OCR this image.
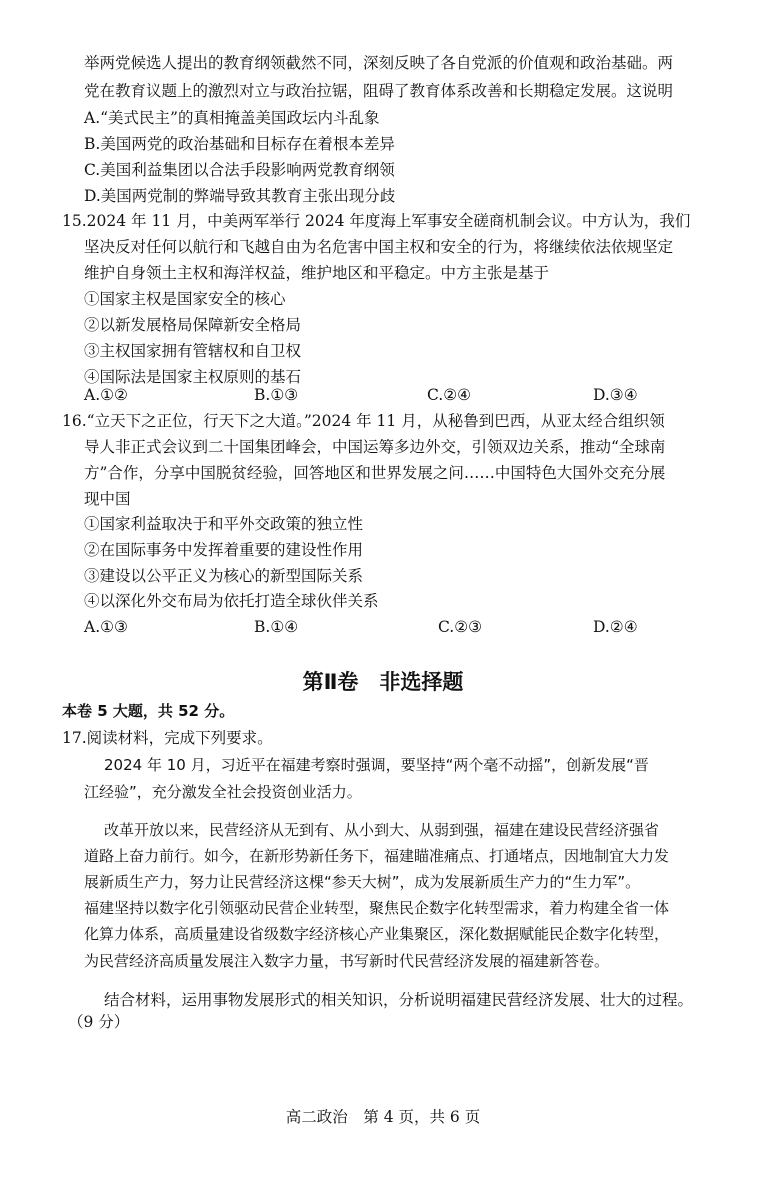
举两党候选人提出的教育纲领截然不同，深刻反映了各自党派的价值观和政治基础。两
党在教育议题上的激烈对立与政治拉锯，阻碍了教育体系改善和长期稳定发展。这说明
A.“美式民主”的真相掩盖美国政坛内斗乱象
B.美国两党的政治基础和目标存在着根本差异
C.美国利益集团以合法手段影响两党教育纲领
D.美国两党制的弊端导致其教育主张出现分歧
15.2024 年 11 月，中美两军举行 2024 年度海上军事安全磋商机制会议。中方认为，我们
坚决反对任何以航行和飞越自由为名危害中国主权和安全的行为，将继续依法依规坚定
维护自身领土主权和海洋权益，维护地区和平稳定。中方主张是基于
①国家主权是国家安全的核心
②以新发展格局保障新安全格局
③主权国家拥有管辖权和自卫权
④国际法是国家主权原则的基石
A.①②	B.①③	C.②④	D.③④
16.“立天下之正位，行天下之大道。”2024 年 11 月，从秘鲁到巴西，从亚太经合组织领
导人非正式会议到二十国集团峰会，中国运筹多边外交，引领双边关系，推动“全球南
方”合作，分享中国脱贫经验，回答地区和世界发展之问……中国特色大国外交充分展
现中国
①国家利益取决于和平外交政策的独立性
②在国际事务中发挥着重要的建设性作用
③建设以公平正义为核心的新型国际关系
④以深化外交布局为依托打造全球伙伴关系
A.①③	B.①④	C.②③	D.②④
第Ⅱ卷　非选择题
本卷 5 大题，共 52 分。
17.阅读材料，完成下列要求。
2024 年 10 月，习近平在福建考察时强调，要坚持“两个毫不动摇”，创新发展“晋
江经验”，充分激发全社会投资创业活力。
改革开放以来，民营经济从无到有、从小到大、从弱到强，福建在建设民营经济强省
道路上奋力前行。如今，在新形势新任务下，福建瞄准痛点、打通堵点，因地制宜大力发
展新质生产力，努力让民营经济这棵“参天大树”，成为发展新质生产力的“生力军”。
福建坚持以数字化引领驱动民营企业转型，聚焦民企数字化转型需求，着力构建全省一体
化算力体系，高质量建设省级数字经济核心产业集聚区，深化数据赋能民企数字化转型，
为民营经济高质量发展注入数字力量，书写新时代民营经济发展的福建新答卷。
结合材料，运用事物发展形式的相关知识，分析说明福建民营经济发展、壮大的过程。
（9 分）
高二政治　第 4 页，共 6 页
